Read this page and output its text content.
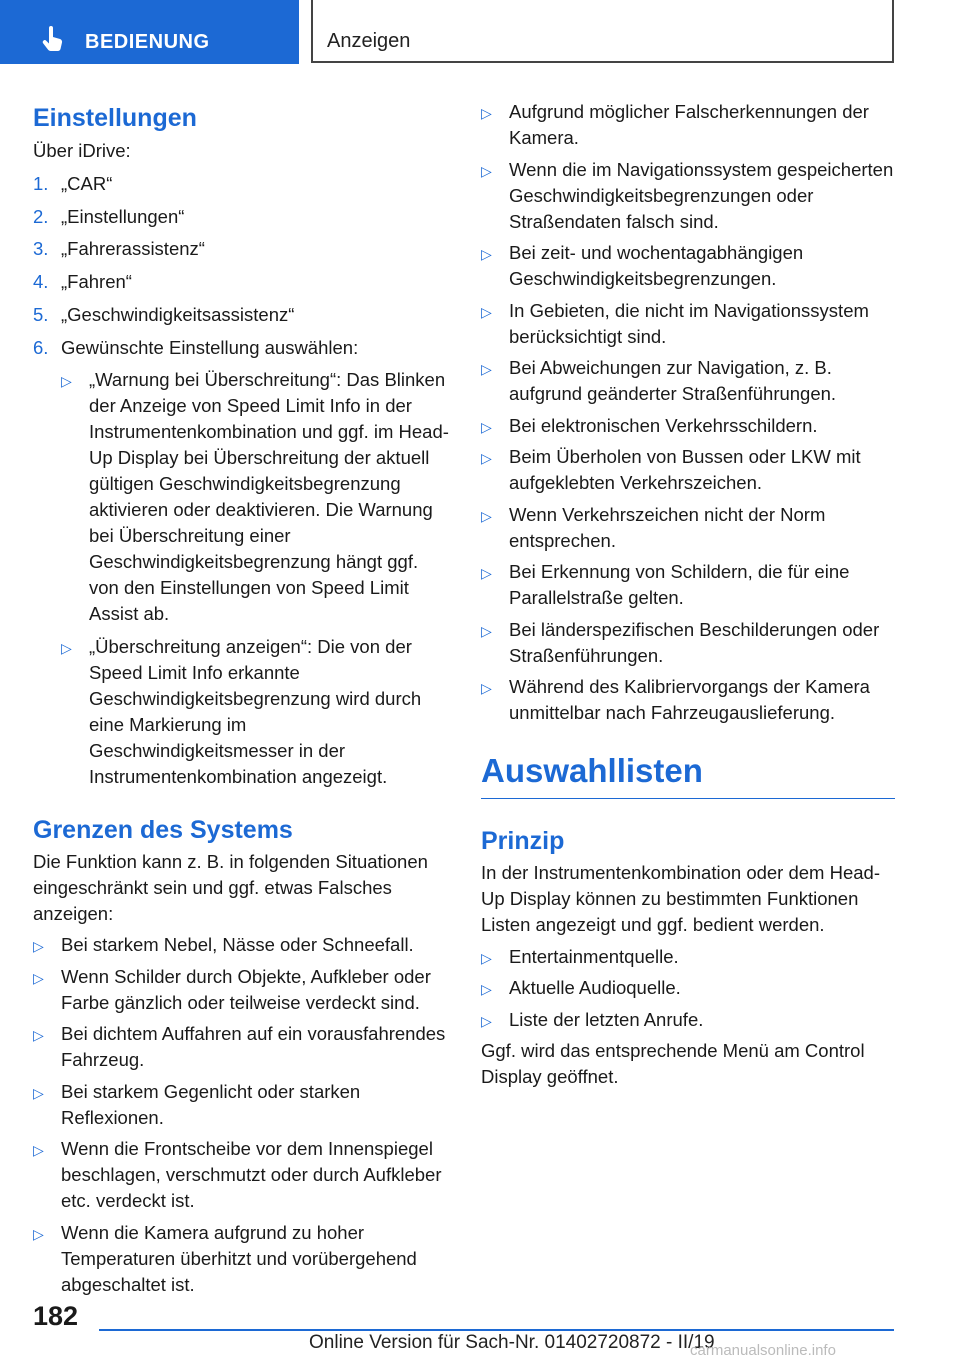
BEDIENUNG	Anzeigen
Einstellungen

Über iDrive:

1. „CAR“
2. „Einstellungen“
3. „Fahrerassistenz“
4. „Fahren“
5. „Geschwindigkeitsassistenz“
6. Gewünschte Einstellung auswählen:
▷ „Warnung bei Überschreitung“: Das Blinken der Anzeige von Speed Limit Info in der Instrumentenkombination und ggf. im Head-Up Display bei Überschreitung der aktuell gültigen Geschwindigkeitsbegrenzung aktivieren oder deaktivieren. Die Warnung bei Überschreitung einer Geschwindigkeitsbegrenzung hängt ggf. von den Einstellungen von Speed Limit Assist ab.
▷ „Überschreitung anzeigen“: Die von der Speed Limit Info erkannte Geschwindigkeitsbegrenzung wird durch eine Markierung im Geschwindigkeitsmesser in der Instrumentenkombination angezeigt.
Grenzen des Systems

Die Funktion kann z. B. in folgenden Situationen eingeschränkt sein und ggf. etwas Falsches anzeigen:

▷ Bei starkem Nebel, Nässe oder Schneefall.
▷ Wenn Schilder durch Objekte, Aufkleber oder Farbe gänzlich oder teilweise verdeckt sind.
▷ Bei dichtem Auffahren auf ein vorausfahrendes Fahrzeug.
▷ Bei starkem Gegenlicht oder starken Reflexionen.
▷ Wenn die Frontscheibe vor dem Innenspiegel beschlagen, verschmutzt oder durch Aufkleber etc. verdeckt ist.
▷ Wenn die Kamera aufgrund zu hoher Temperaturen überhitzt und vorübergehend abgeschaltet ist.
▷ Aufgrund möglicher Falscherkennungen der Kamera.
▷ Wenn die im Navigationssystem gespeicherten Geschwindigkeitsbegrenzungen oder Straßendaten falsch sind.
▷ Bei zeit- und wochentagabhängigen Geschwindigkeitsbegrenzungen.
▷ In Gebieten, die nicht im Navigationssystem berücksichtigt sind.
▷ Bei Abweichungen zur Navigation, z. B. aufgrund geänderter Straßenführungen.
▷ Bei elektronischen Verkehrsschildern.
▷ Beim Überholen von Bussen oder LKW mit aufgeklebten Verkehrszeichen.
▷ Wenn Verkehrszeichen nicht der Norm entsprechen.
▷ Bei Erkennung von Schildern, die für eine Parallelstraße gelten.
▷ Bei länderspezifischen Beschilderungen oder Straßenführungen.
▷ Während des Kalibriervorgangs der Kamera unmittelbar nach Fahrzeugauslieferung.
Auswahllisten
Prinzip

In der Instrumentenkombination oder dem Head-Up Display können zu bestimmten Funktionen Listen angezeigt und ggf. bedient werden.

▷ Entertainmentquelle.
▷ Aktuelle Audioquelle.
▷ Liste der letzten Anrufe.

Ggf. wird das entsprechende Menü am Control Display geöffnet.

182
Online Version für Sach-Nr. 01402720872 - II/19
carmanualsonline.info
